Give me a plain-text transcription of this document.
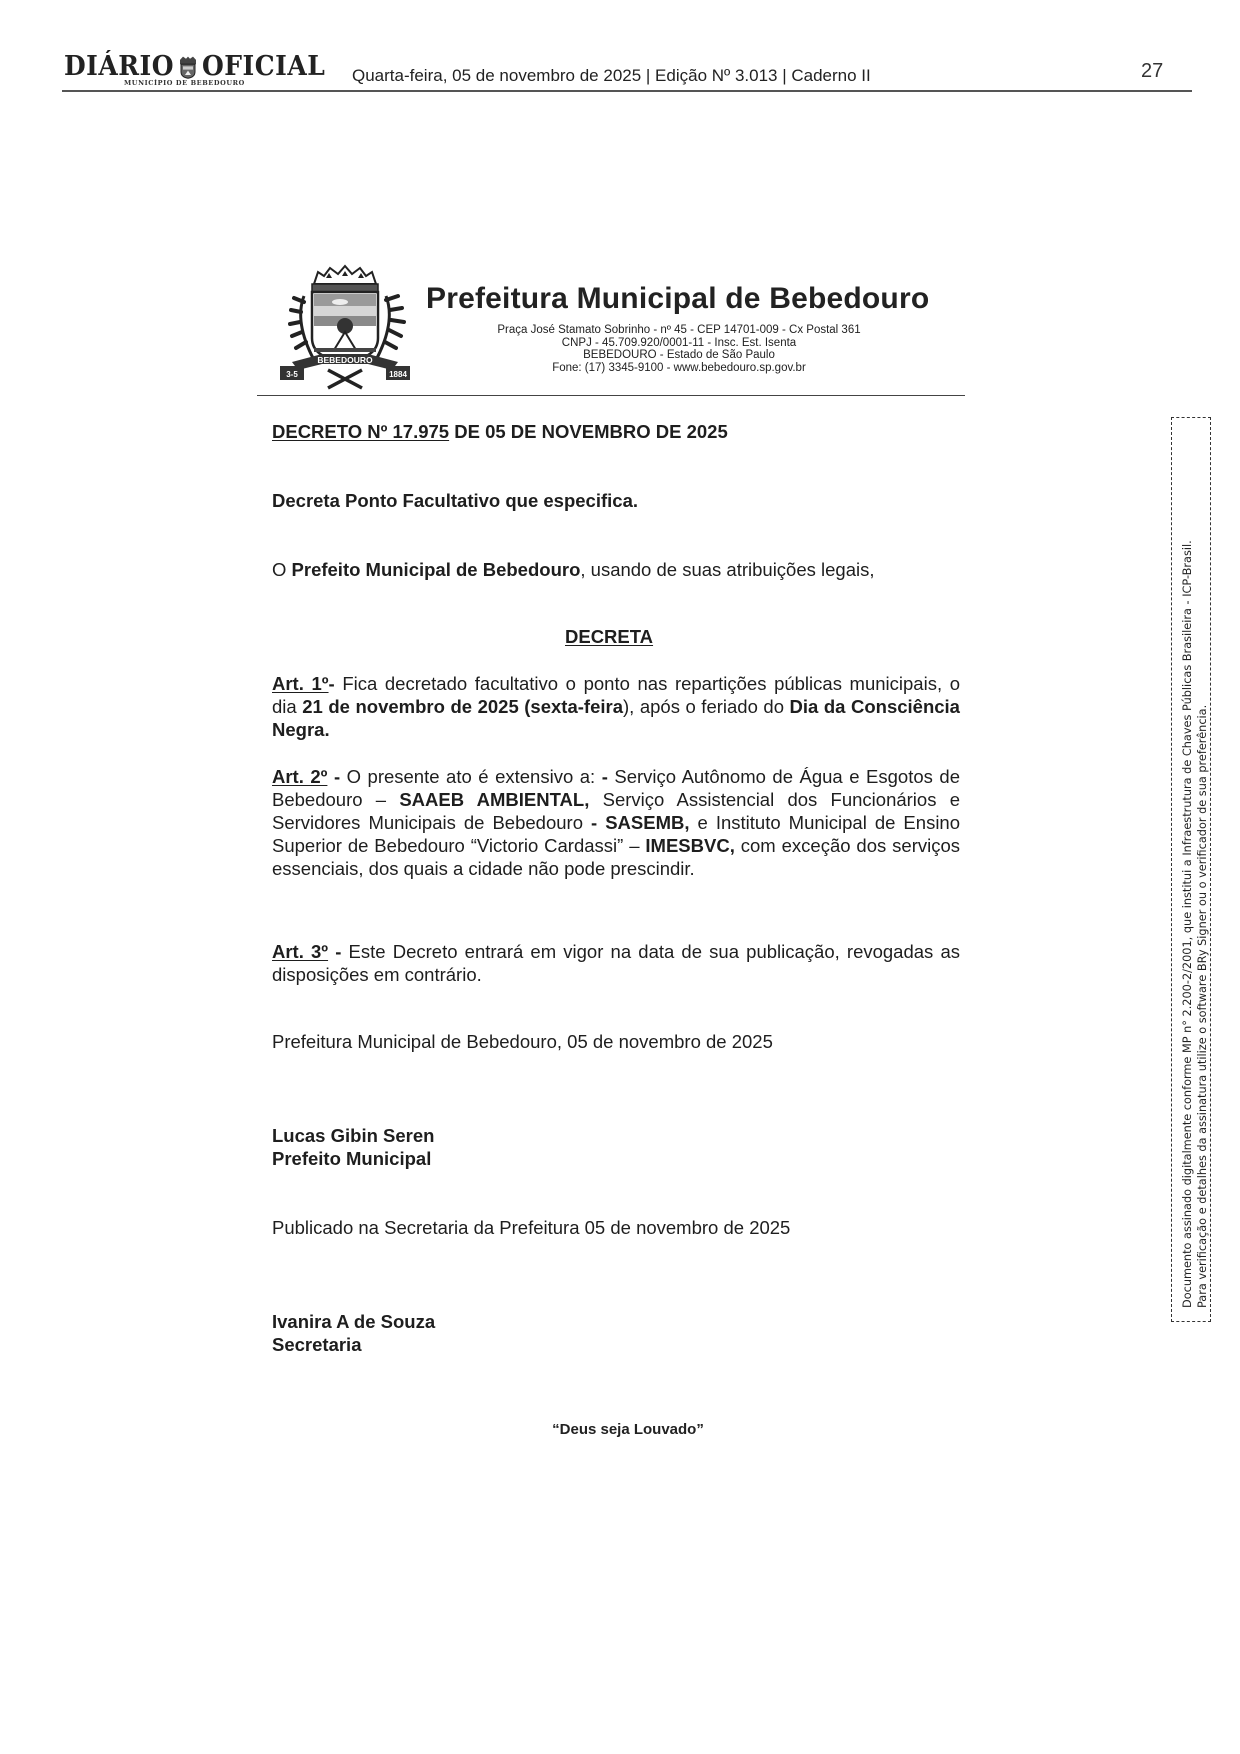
DIÁRIO OFICIAL
MUNICÍPIO DE BEBEDOURO	Quarta-feira, 05 de novembro de 2025 | Edição Nº 3.013 | Caderno II	27
BEBEDOURO
3-5	1884
Prefeitura Municipal de Bebedouro
Praça José Stamato Sobrinho - nº 45 - CEP 14701-009 - Cx Postal 361
CNPJ - 45.709.920/0001-11 - Insc. Est. Isenta
BEBEDOURO - Estado de São Paulo
Fone: (17) 3345-9100 - www.bebedouro.sp.gov.br
DECRETO Nº 17.975 DE 05 DE NOVEMBRO DE 2025
Decreta Ponto Facultativo que especifica.
O Prefeito Municipal de Bebedouro, usando de suas atribuições legais,
DECRETA
Art. 1º- Fica decretado facultativo o ponto nas repartições públicas municipais, o dia 21 de novembro de 2025 (sexta-feira), após o feriado do Dia da Consciência Negra.
Art. 2º - O presente ato é extensivo a: - Serviço Autônomo de Água e Esgotos de Bebedouro – SAAEB AMBIENTAL, Serviço Assistencial dos Funcionários e Servidores Municipais de Bebedouro - SASEMB, e Instituto Municipal de Ensino Superior de Bebedouro “Victorio Cardassi” – IMESBVC, com exceção dos serviços essenciais, dos quais a cidade não pode prescindir.
Art. 3º - Este Decreto entrará em vigor na data de sua publicação, revogadas as disposições em contrário.
Prefeitura Municipal de Bebedouro, 05 de novembro de 2025
Lucas Gibin Seren
Prefeito Municipal
Publicado na Secretaria da Prefeitura 05 de novembro de 2025
Ivanira A de Souza
Secretaria
“Deus seja Louvado”
Documento assinado digitalmente conforme MP n° 2.200-2/2001, que institui a Infraestrutura de Chaves Públicas Brasileira - ICP-Brasil. Para verificação e detalhes da assinatura utilize o software BRy Signer ou o verificador de sua preferência.
